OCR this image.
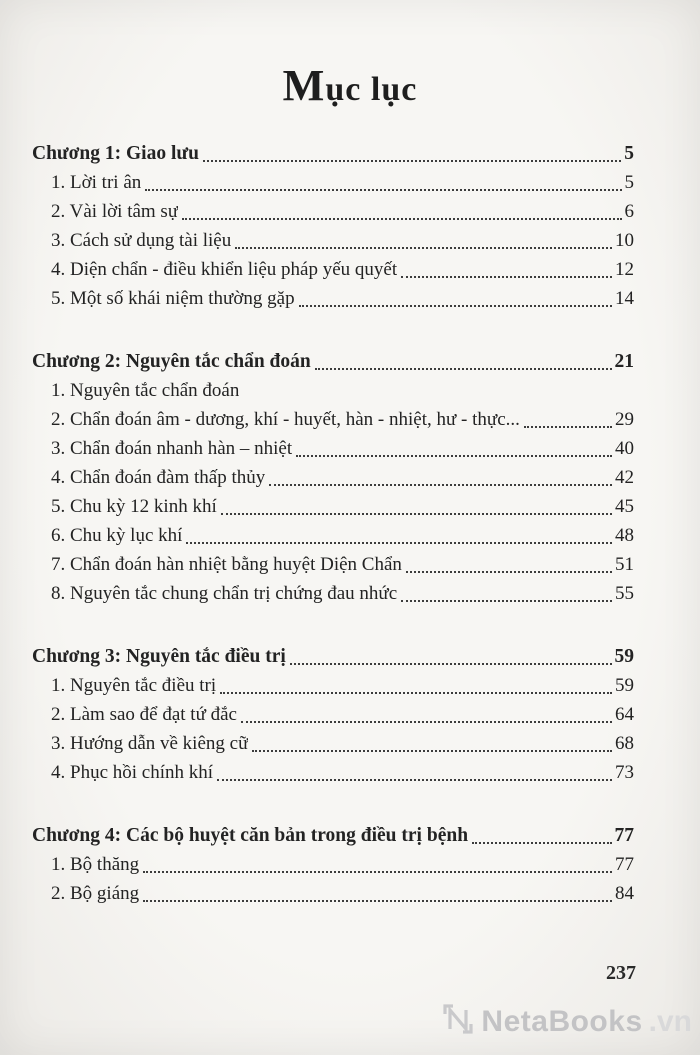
Mục lục
Chương 1: Giao lưu	5
1. Lời tri ân	5
2. Vài lời tâm sự	6
3. Cách sử dụng tài liệu	10
4. Diện chẩn - điều khiển liệu pháp yếu quyết	12
5. Một số khái niệm thường gặp	14
Chương 2: Nguyên tắc chẩn đoán	21
1. Nguyên tắc chẩn đoán
2. Chẩn đoán âm - dương, khí - huyết, hàn - nhiệt, hư - thực...	29
3. Chẩn đoán nhanh hàn – nhiệt	40
4. Chẩn đoán đàm thấp thủy	42
5. Chu kỳ 12 kinh khí	45
6. Chu kỳ lục khí	48
7. Chẩn đoán hàn nhiệt bằng huyệt Diện Chẩn	51
8. Nguyên tắc chung chẩn trị chứng đau nhức	55
Chương 3: Nguyên tắc điều trị	59
1. Nguyên tắc điều trị	59
2. Làm sao để đạt tứ đắc	64
3. Hướng dẫn về kiêng cữ	68
4. Phục hồi chính khí	73
Chương 4: Các bộ huyệt căn bản trong điều trị bệnh	77
1. Bộ thăng	77
2. Bộ giáng	84
237
NetaBooks .vn
